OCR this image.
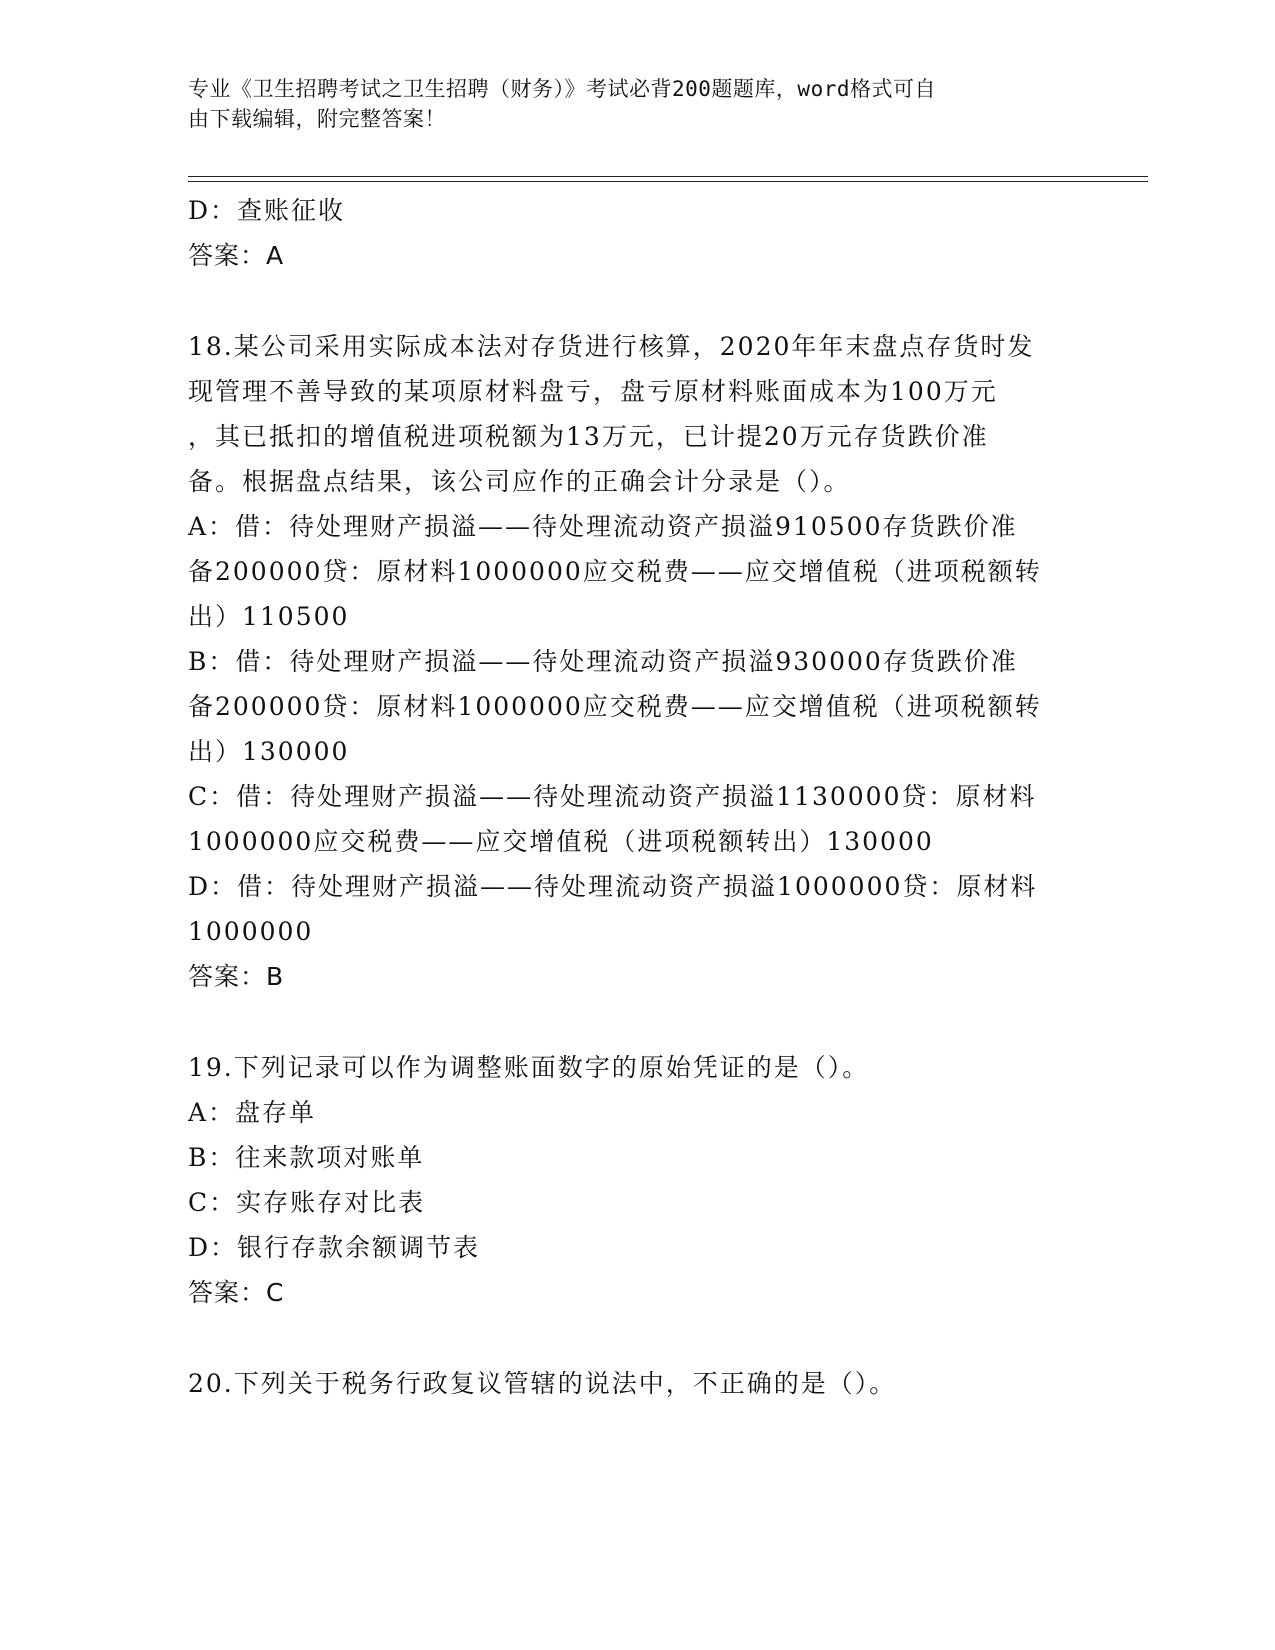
专业《卫生招聘考试之卫生招聘（财务）》考试必背200题题库，word格式可自
由下载编辑，附完整答案！
D：查账征收
答案：A
18.某公司采用实际成本法对存货进行核算，2020年年末盘点存货时发
现管理不善导致的某项原材料盘亏，盘亏原材料账面成本为100万元
，其已抵扣的增值税进项税额为13万元，已计提20万元存货跌价准
备。根据盘点结果，该公司应作的正确会计分录是（）。
A：借：待处理财产损溢——待处理流动资产损溢910500存货跌价准
备200000贷：原材料1000000应交税费——应交增值税（进项税额转
出）110500
B：借：待处理财产损溢——待处理流动资产损溢930000存货跌价准
备200000贷：原材料1000000应交税费——应交增值税（进项税额转
出）130000
C：借：待处理财产损溢——待处理流动资产损溢1130000贷：原材料
1000000应交税费——应交增值税（进项税额转出）130000
D：借：待处理财产损溢——待处理流动资产损溢1000000贷：原材料
1000000
答案：B
19.下列记录可以作为调整账面数字的原始凭证的是（）。
A：盘存单
B：往来款项对账单
C：实存账存对比表
D：银行存款余额调节表
答案：C
20.下列关于税务行政复议管辖的说法中，不正确的是（）。
